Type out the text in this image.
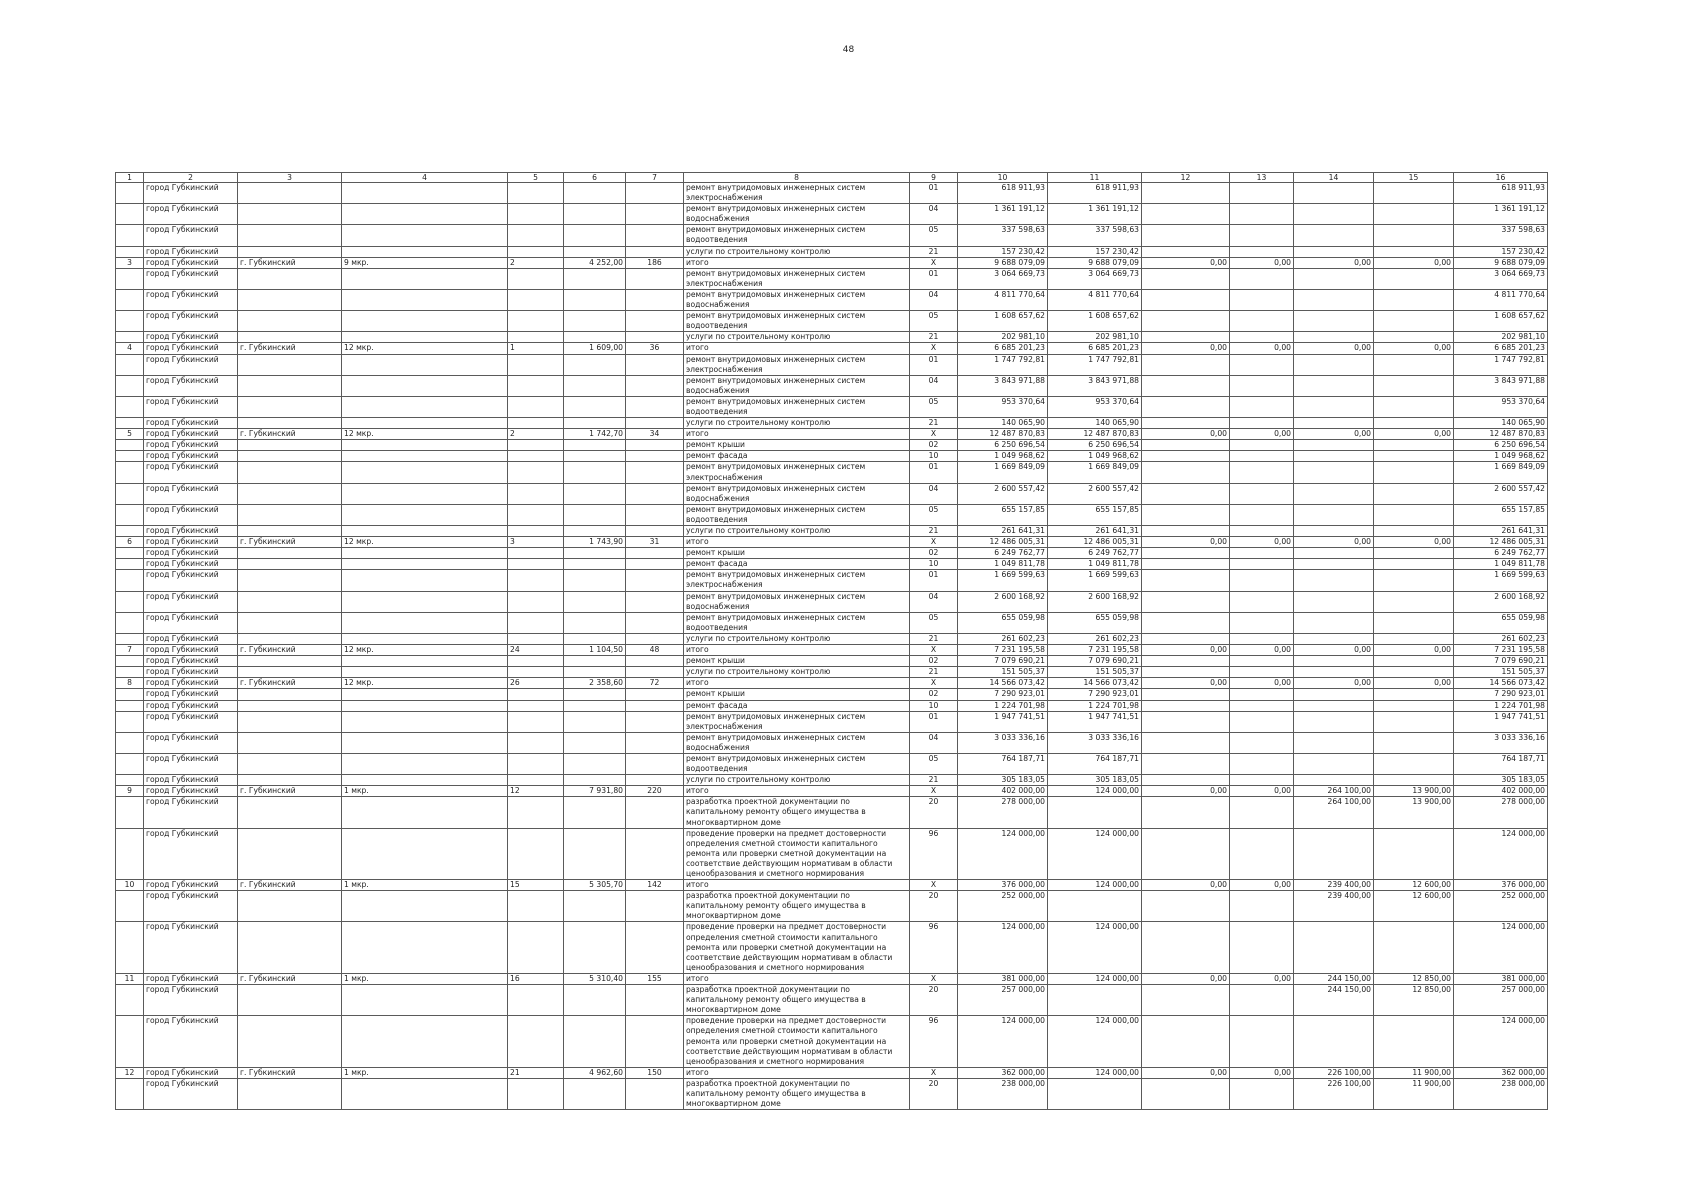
48
1	2	3	4	5	6	7	8	9	10	11	12	13	14	15	16
	город Губкинский						ремонт внутридомовых инженерных систем электроснабжения	01	618 911,93	618 911,93					618 911,93
	город Губкинский						ремонт внутридомовых инженерных систем водоснабжения	04	1 361 191,12	1 361 191,12					1 361 191,12
	город Губкинский						ремонт внутридомовых инженерных систем водоотведения	05	337 598,63	337 598,63					337 598,63
	город Губкинский						услуги по строительному контролю	21	157 230,42	157 230,42					157 230,42
3	город Губкинский	г. Губкинский	9 мкр.	2	4 252,00	186	итого	X	9 688 079,09	9 688 079,09	0,00	0,00	0,00	0,00	9 688 079,09
	город Губкинский						ремонт внутридомовых инженерных систем электроснабжения	01	3 064 669,73	3 064 669,73					3 064 669,73
	город Губкинский						ремонт внутридомовых инженерных систем водоснабжения	04	4 811 770,64	4 811 770,64					4 811 770,64
	город Губкинский						ремонт внутридомовых инженерных систем водоотведения	05	1 608 657,62	1 608 657,62					1 608 657,62
	город Губкинский						услуги по строительному контролю	21	202 981,10	202 981,10					202 981,10
4	город Губкинский	г. Губкинский	12 мкр.	1	1 609,00	36	итого	X	6 685 201,23	6 685 201,23	0,00	0,00	0,00	0,00	6 685 201,23
	город Губкинский						ремонт внутридомовых инженерных систем электроснабжения	01	1 747 792,81	1 747 792,81					1 747 792,81
	город Губкинский						ремонт внутридомовых инженерных систем водоснабжения	04	3 843 971,88	3 843 971,88					3 843 971,88
	город Губкинский						ремонт внутридомовых инженерных систем водоотведения	05	953 370,64	953 370,64					953 370,64
	город Губкинский						услуги по строительному контролю	21	140 065,90	140 065,90					140 065,90
5	город Губкинский	г. Губкинский	12 мкр.	2	1 742,70	34	итого	X	12 487 870,83	12 487 870,83	0,00	0,00	0,00	0,00	12 487 870,83
	город Губкинский						ремонт крыши	02	6 250 696,54	6 250 696,54					6 250 696,54
	город Губкинский						ремонт фасада	10	1 049 968,62	1 049 968,62					1 049 968,62
	город Губкинский						ремонт внутридомовых инженерных систем электроснабжения	01	1 669 849,09	1 669 849,09					1 669 849,09
	город Губкинский						ремонт внутридомовых инженерных систем водоснабжения	04	2 600 557,42	2 600 557,42					2 600 557,42
	город Губкинский						ремонт внутридомовых инженерных систем водоотведения	05	655 157,85	655 157,85					655 157,85
	город Губкинский						услуги по строительному контролю	21	261 641,31	261 641,31					261 641,31
6	город Губкинский	г. Губкинский	12 мкр.	3	1 743,90	31	итого	X	12 486 005,31	12 486 005,31	0,00	0,00	0,00	0,00	12 486 005,31
	город Губкинский						ремонт крыши	02	6 249 762,77	6 249 762,77					6 249 762,77
	город Губкинский						ремонт фасада	10	1 049 811,78	1 049 811,78					1 049 811,78
	город Губкинский						ремонт внутридомовых инженерных систем электроснабжения	01	1 669 599,63	1 669 599,63					1 669 599,63
	город Губкинский						ремонт внутридомовых инженерных систем водоснабжения	04	2 600 168,92	2 600 168,92					2 600 168,92
	город Губкинский						ремонт внутридомовых инженерных систем водоотведения	05	655 059,98	655 059,98					655 059,98
	город Губкинский						услуги по строительному контролю	21	261 602,23	261 602,23					261 602,23
7	город Губкинский	г. Губкинский	12 мкр.	24	1 104,50	48	итого	X	7 231 195,58	7 231 195,58	0,00	0,00	0,00	0,00	7 231 195,58
	город Губкинский						ремонт крыши	02	7 079 690,21	7 079 690,21					7 079 690,21
	город Губкинский						услуги по строительному контролю	21	151 505,37	151 505,37					151 505,37
8	город Губкинский	г. Губкинский	12 мкр.	26	2 358,60	72	итого	X	14 566 073,42	14 566 073,42	0,00	0,00	0,00	0,00	14 566 073,42
	город Губкинский						ремонт крыши	02	7 290 923,01	7 290 923,01					7 290 923,01
	город Губкинский						ремонт фасада	10	1 224 701,98	1 224 701,98					1 224 701,98
	город Губкинский						ремонт внутридомовых инженерных систем электроснабжения	01	1 947 741,51	1 947 741,51					1 947 741,51
	город Губкинский						ремонт внутридомовых инженерных систем водоснабжения	04	3 033 336,16	3 033 336,16					3 033 336,16
	город Губкинский						ремонт внутридомовых инженерных систем водоотведения	05	764 187,71	764 187,71					764 187,71
	город Губкинский						услуги по строительному контролю	21	305 183,05	305 183,05					305 183,05
9	город Губкинский	г. Губкинский	1 мкр.	12	7 931,80	220	итого	X	402 000,00	124 000,00	0,00	0,00	264 100,00	13 900,00	402 000,00
	город Губкинский						разработка проектной документации по капитальному ремонту общего имущества в многоквартирном доме	20	278 000,00				264 100,00	13 900,00	278 000,00
	город Губкинский						проведение проверки на предмет достоверности определения сметной стоимости капитального ремонта или проверки сметной документации на соответствие действующим нормативам в области ценообразования и сметного нормирования	96	124 000,00	124 000,00					124 000,00
10	город Губкинский	г. Губкинский	1 мкр.	15	5 305,70	142	итого	X	376 000,00	124 000,00	0,00	0,00	239 400,00	12 600,00	376 000,00
	город Губкинский						разработка проектной документации по капитальному ремонту общего имущества в многоквартирном доме	20	252 000,00				239 400,00	12 600,00	252 000,00
	город Губкинский						проведение проверки на предмет достоверности определения сметной стоимости капитального ремонта или проверки сметной документации на соответствие действующим нормативам в области ценообразования и сметного нормирования	96	124 000,00	124 000,00					124 000,00
11	город Губкинский	г. Губкинский	1 мкр.	16	5 310,40	155	итого	X	381 000,00	124 000,00	0,00	0,00	244 150,00	12 850,00	381 000,00
	город Губкинский						разработка проектной документации по капитальному ремонту общего имущества в многоквартирном доме	20	257 000,00				244 150,00	12 850,00	257 000,00
	город Губкинский						проведение проверки на предмет достоверности определения сметной стоимости капитального ремонта или проверки сметной документации на соответствие действующим нормативам в области ценообразования и сметного нормирования	96	124 000,00	124 000,00					124 000,00
12	город Губкинский	г. Губкинский	1 мкр.	21	4 962,60	150	итого	X	362 000,00	124 000,00	0,00	0,00	226 100,00	11 900,00	362 000,00
	город Губкинский						разработка проектной документации по капитальному ремонту общего имущества в многоквартирном доме	20	238 000,00				226 100,00	11 900,00	238 000,00
